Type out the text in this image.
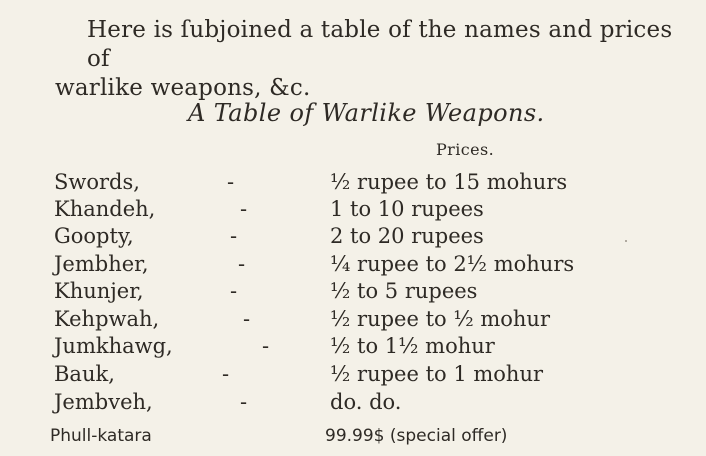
Here is ſubjoined a table of the names and prices of
warlike weapons, &c.
A Table of Warlike Weapons.
Prices.
Swords,	-	½ rupee to 15 mohurs
Khandeh,	-	1 to 10 rupees
Goopty,	-	2 to 20 rupees
Jembher,	-	¼ rupee to 2½ mohurs
Khunjer,	-	½ to 5 rupees
Kehpwah,	-	½ rupee to ½ mohur
Jumkhawg,	-	½ to 1½ mohur
Bauk,	-	½ rupee to 1 mohur
Jembveh,	-	do. do.
Phull-katara	99.99$ (special offer)
